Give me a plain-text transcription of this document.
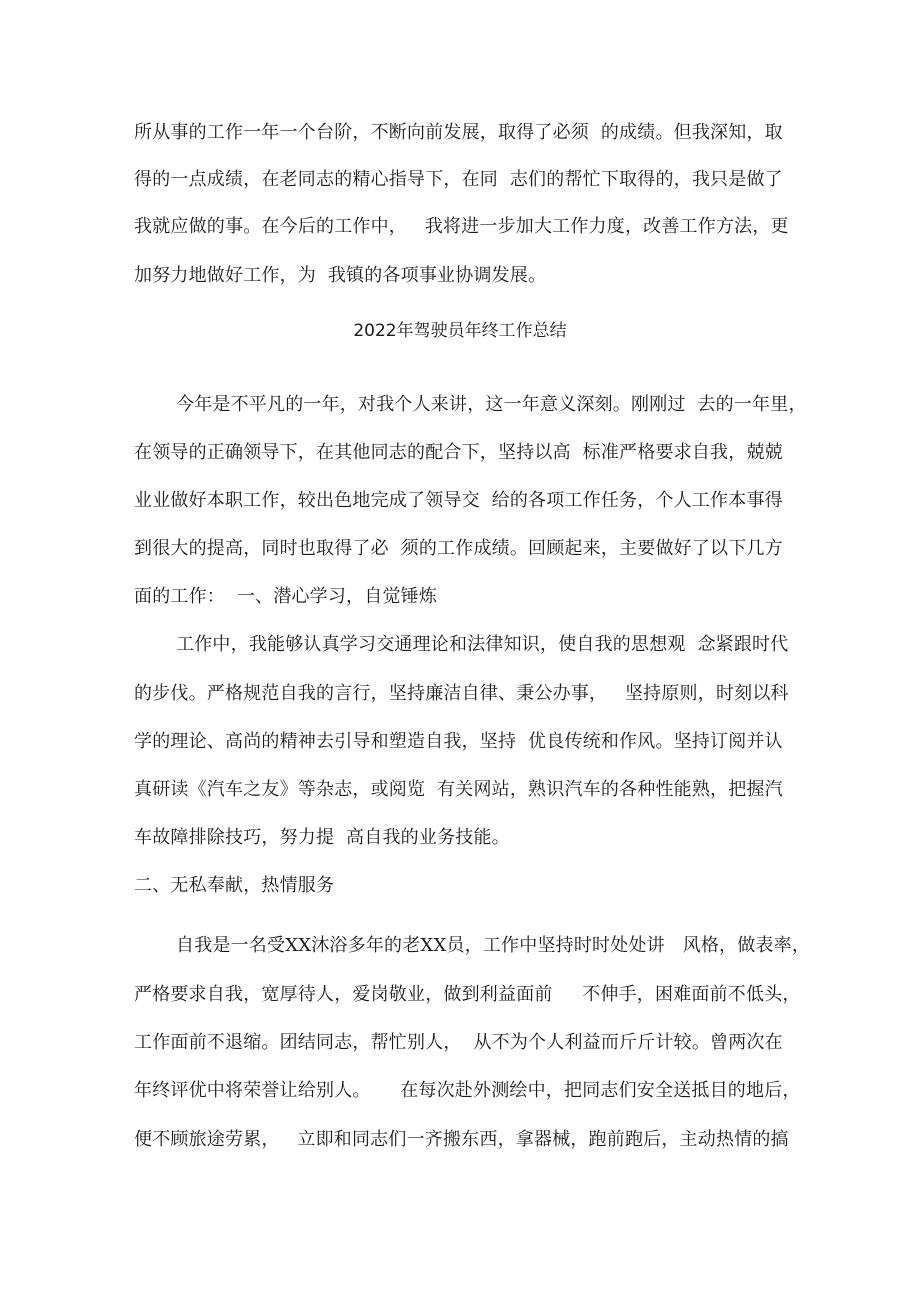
所从事的工作一年一个台阶，不断向前发展，取得了必须  的成绩。但我深知，取
得的一点成绩，在老同志的精心指导下，在同  志们的帮忙下取得的，我只是做了
我就应做的事。在今后的工作中，   我将进一步加大工作力度，改善工作方法，更
加努力地做好工作，为  我镇的各项事业协调发展。
2022年驾驶员年终工作总结
今年是不平凡的一年，对我个人来讲，这一年意义深刻。刚刚过  去的一年里，
在领导的正确领导下，在其他同志的配合下，坚持以高  标准严格要求自我，兢兢
业业做好本职工作，较出色地完成了领导交  给的各项工作任务，个人工作本事得
到很大的提高，同时也取得了必  须的工作成绩。回顾起来，主要做好了以下几方
面的工作：  一、潜心学习，自觉锤炼
工作中，我能够认真学习交通理论和法律知识，使自我的思想观  念紧跟时代
的步伐。严格规范自我的言行，坚持廉洁自律、秉公办事，   坚持原则，时刻以科
学的理论、高尚的精神去引导和塑造自我，坚持  优良传统和作风。坚持订阅并认
真研读《汽车之友》等杂志，或阅览  有关网站，熟识汽车的各种性能熟，把握汽
车故障排除技巧，努力提  高自我的业务技能。
二、无私奉献，热情服务
自我是一名受XX沐浴多年的老XX员，工作中坚持时时处处讲   风格，做表率，
严格要求自我，宽厚待人，爱岗敬业，做到利益面前     不伸手，困难面前不低头，
工作面前不退缩。团结同志，帮忙别人，  从不为个人利益而斤斤计较。曾两次在
年终评优中将荣誉让给别人。     在每次赴外测绘中，把同志们安全送抵目的地后，
便不顾旅途劳累，   立即和同志们一齐搬东西，拿器械，跑前跑后，主动热情的搞
